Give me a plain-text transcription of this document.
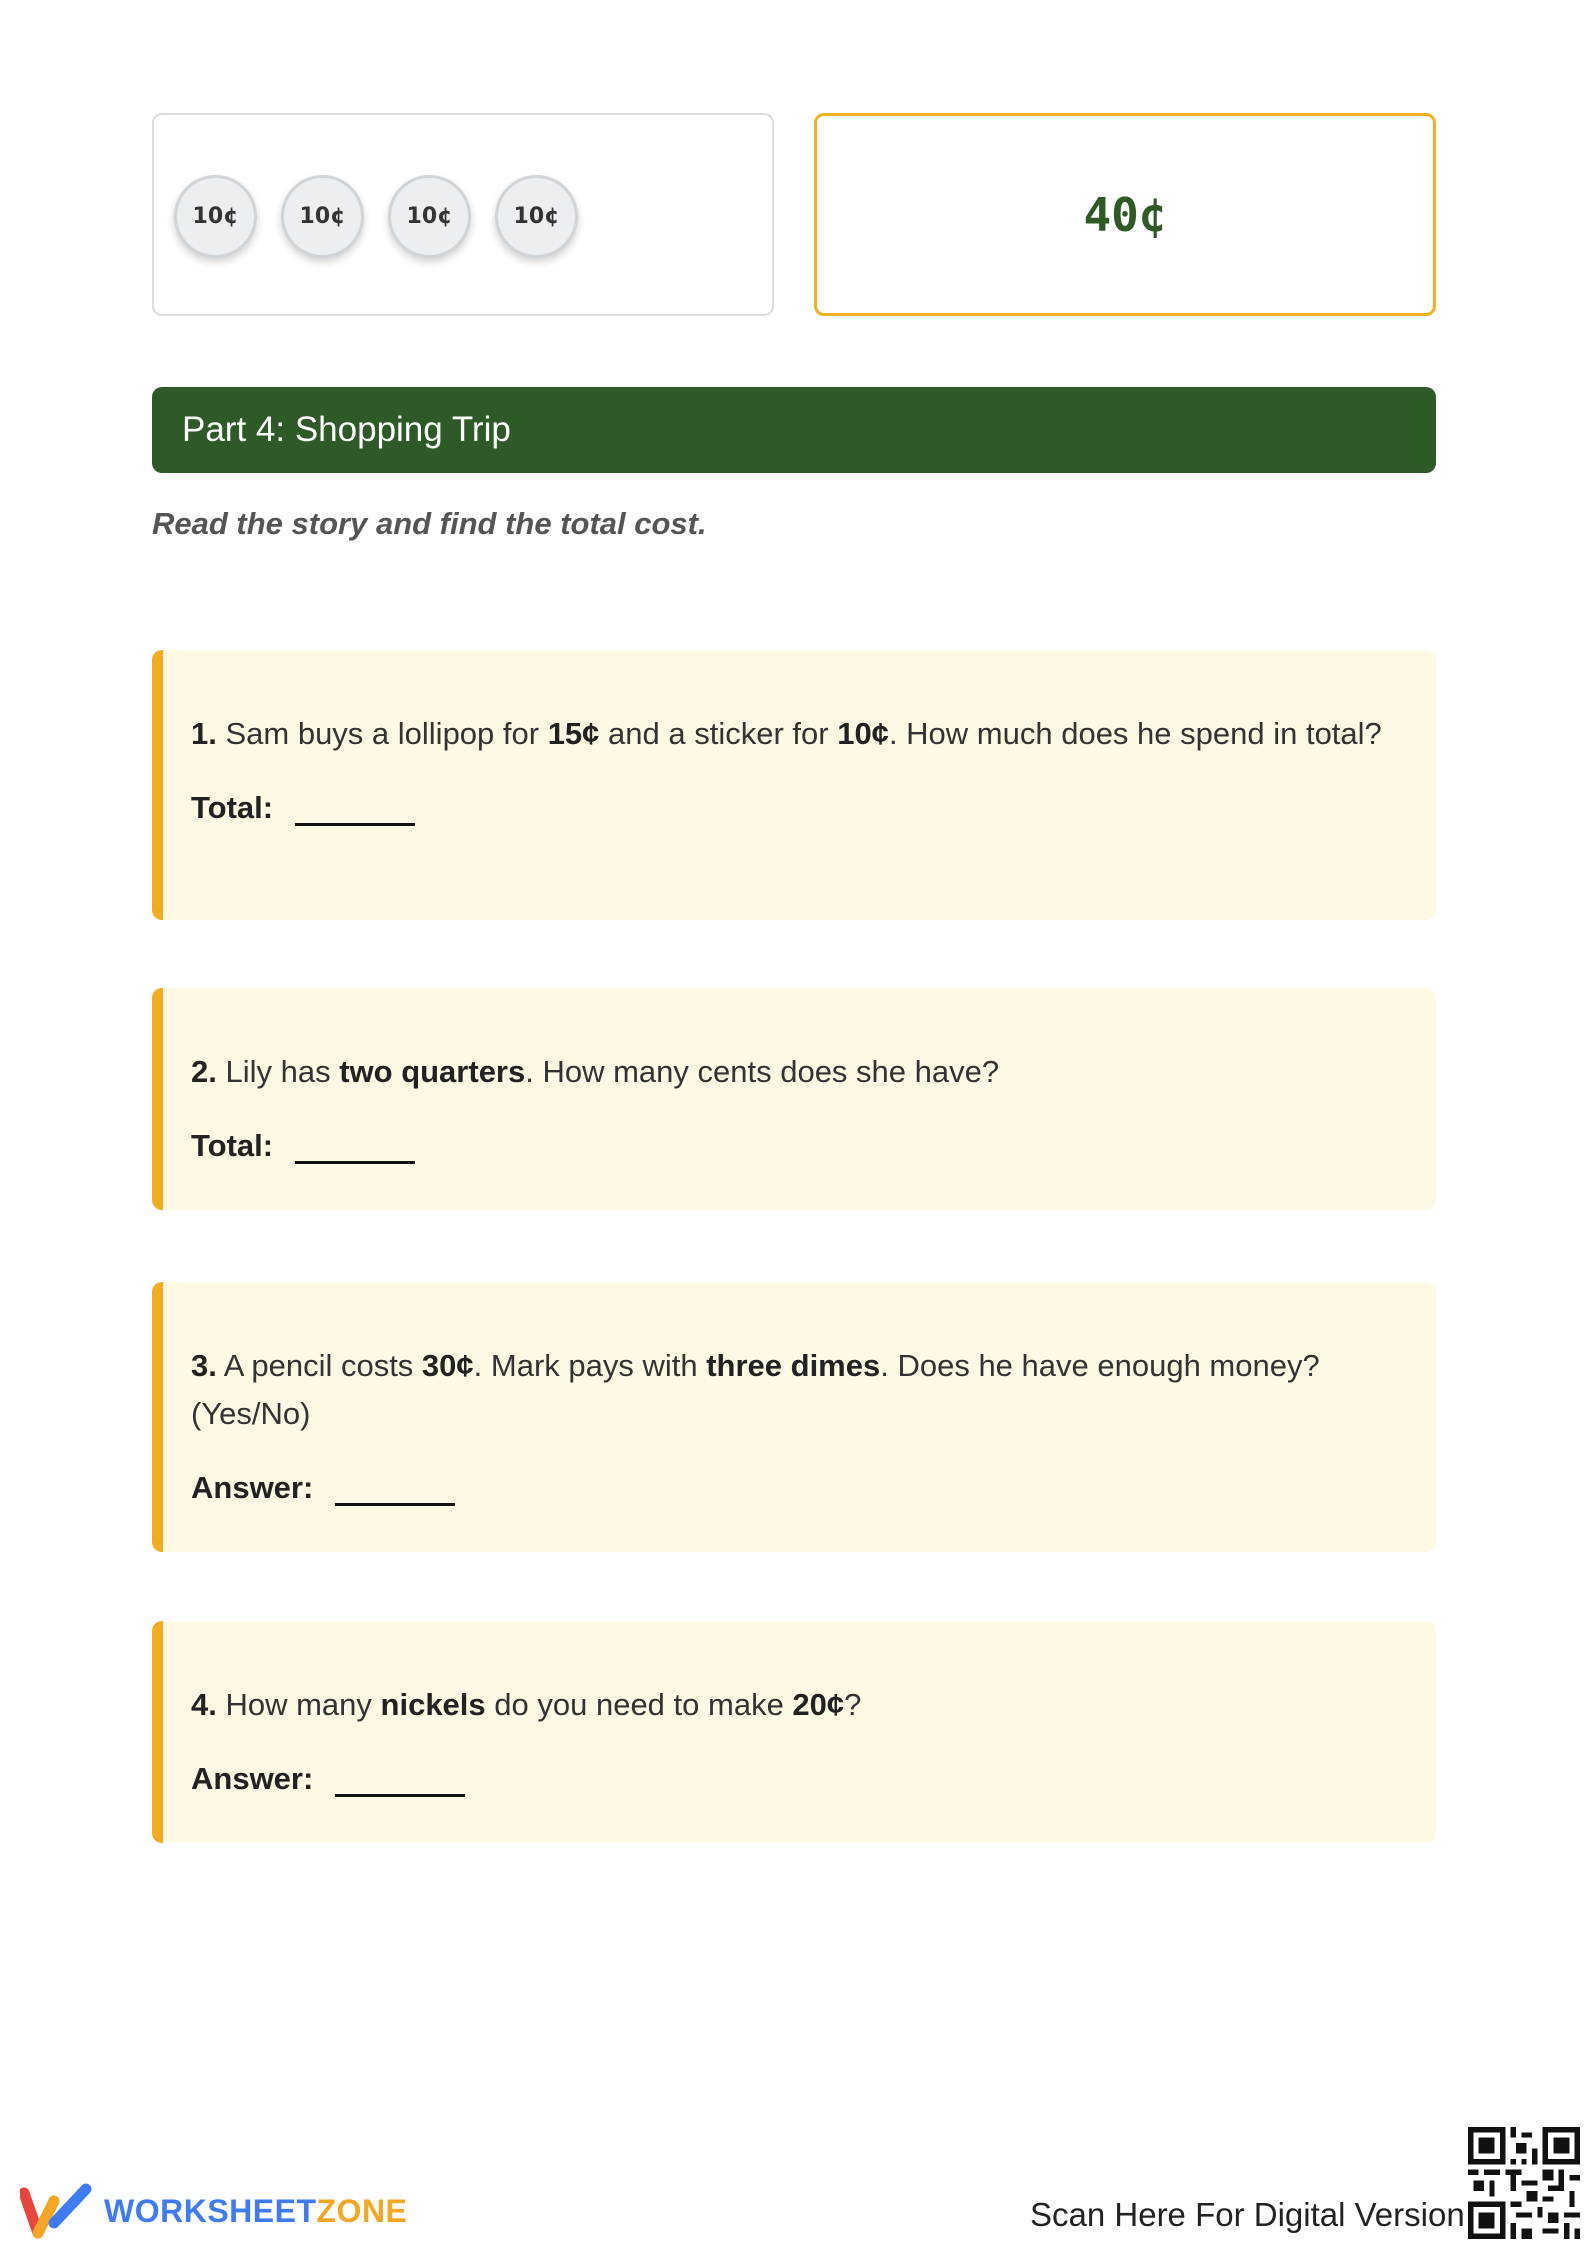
10¢	10¢	10¢	10¢	40¢
Part 4: Shopping Trip
Read the story and find the total cost.
1. Sam buys a lollipop for 15¢ and a sticker for 10¢. How much does he spend in total?
Total:
2. Lily has two quarters. How many cents does she have?
Total:
3. A pencil costs 30¢. Mark pays with three dimes. Does he have enough money? (Yes/No)
Answer:
4. How many nickels do you need to make 20¢?
Answer:
WORKSHEETZONE	Scan Here For Digital Version
